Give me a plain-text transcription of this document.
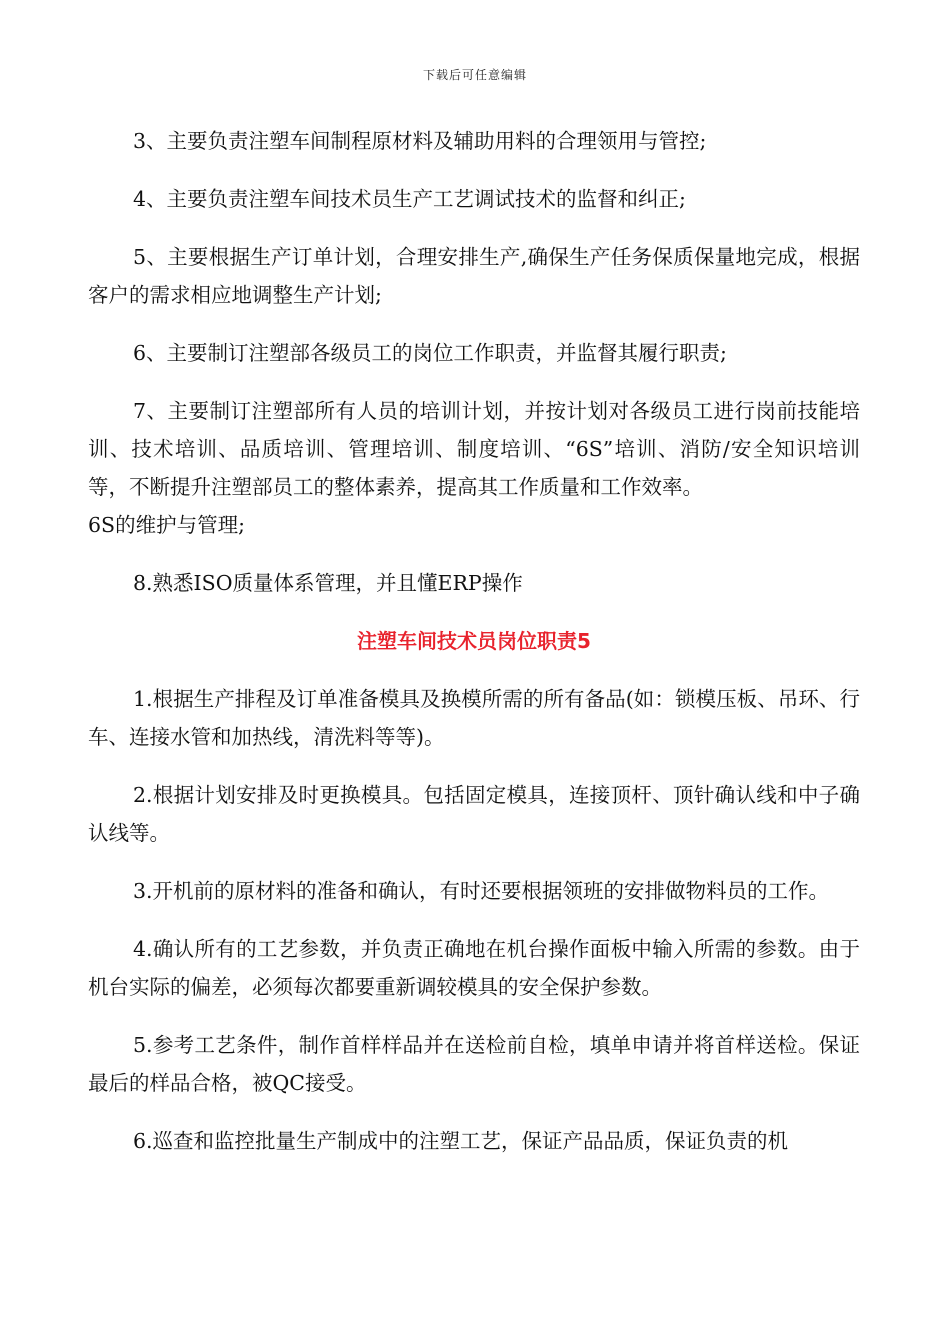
下载后可任意编辑

3、主要负责注塑车间制程原材料及辅助用料的合理领用与管控;

4、主要负责注塑车间技术员生产工艺调试技术的监督和纠正;

5、主要根据生产订单计划，合理安排生产,确保生产任务保质保量地完成，根据客户的需求相应地调整生产计划;

6、主要制订注塑部各级员工的岗位工作职责，并监督其履行职责;

7、主要制订注塑部所有人员的培训计划，并按计划对各级员工进行岗前技能培训、技术培训、品质培训、管理培训、制度培训、“6S”培训、消防/安全知识培训等，不断提升注塑部员工的整体素养，提高其工作质量和工作效率。

6S的维护与管理;

8.熟悉ISO质量体系管理，并且懂ERP操作

注塑车间技术员岗位职责5

1.根据生产排程及订单准备模具及换模所需的所有备品(如：锁模压板、吊环、行车、连接水管和加热线，清洗料等等)。

2.根据计划安排及时更换模具。包括固定模具，连接顶杆、顶针确认线和中子确认线等。

3.开机前的原材料的准备和确认，有时还要根据领班的安排做物料员的工作。

4.确认所有的工艺参数，并负责正确地在机台操作面板中输入所需的参数。由于机台实际的偏差，必须每次都要重新调较模具的安全保护参数。

5.参考工艺条件，制作首样样品并在送检前自检，填单申请并将首样送检。保证最后的样品合格，被QC接受。

6.巡查和监控批量生产制成中的注塑工艺，保证产品品质，保证负责的机
